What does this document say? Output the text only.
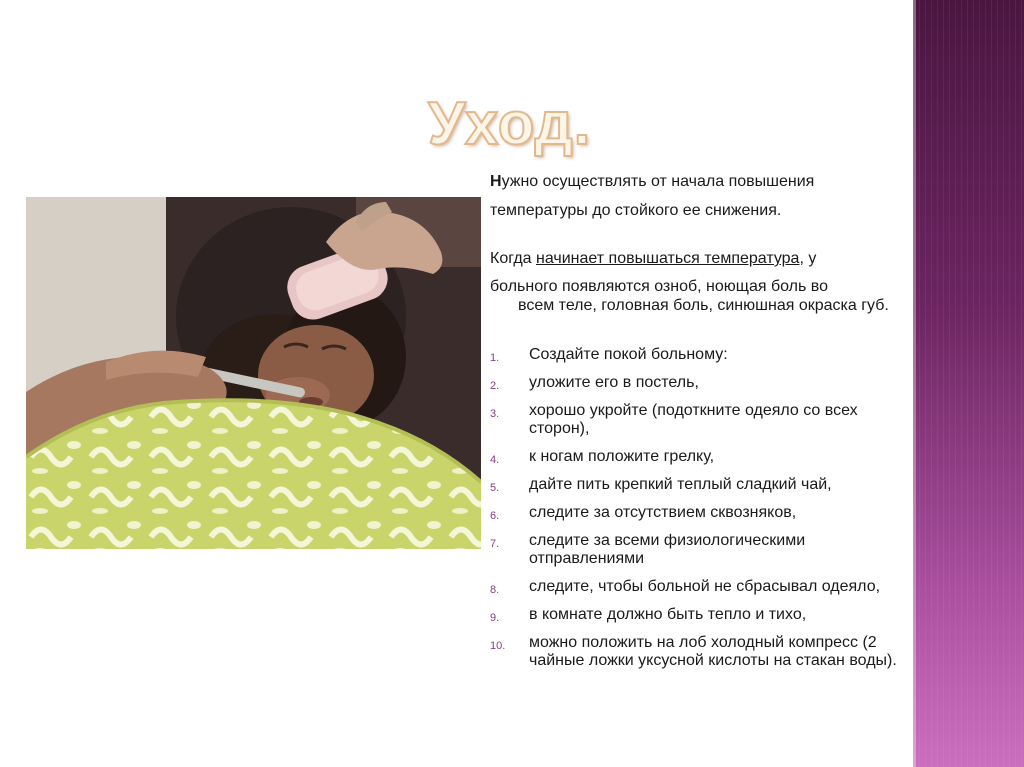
Уход.

Нужно осуществлять от начала повышения температуры до стойкого ее снижения.

Когда начинает повышаться температура, у
больного появляются озноб, ноющая боль во
всем теле, головная боль, синюшная окраска губ.

1. Создайте покой больному:
2. уложите его в постель,
3. хорошо укройте (подоткните одеяло со всех сторон),
4. к ногам положите грелку,
5. дайте пить крепкий теплый сладкий чай,
6. следите за отсутствием сквозняков,
7. следите за всеми физиологическими отправлениями
8. следите, чтобы больной не сбрасывал одеяло,
9. в комнате должно быть тепло и тихо,
10. можно положить на лоб холодный компресс (2 чайные ложки уксусной кислоты на стакан воды).
